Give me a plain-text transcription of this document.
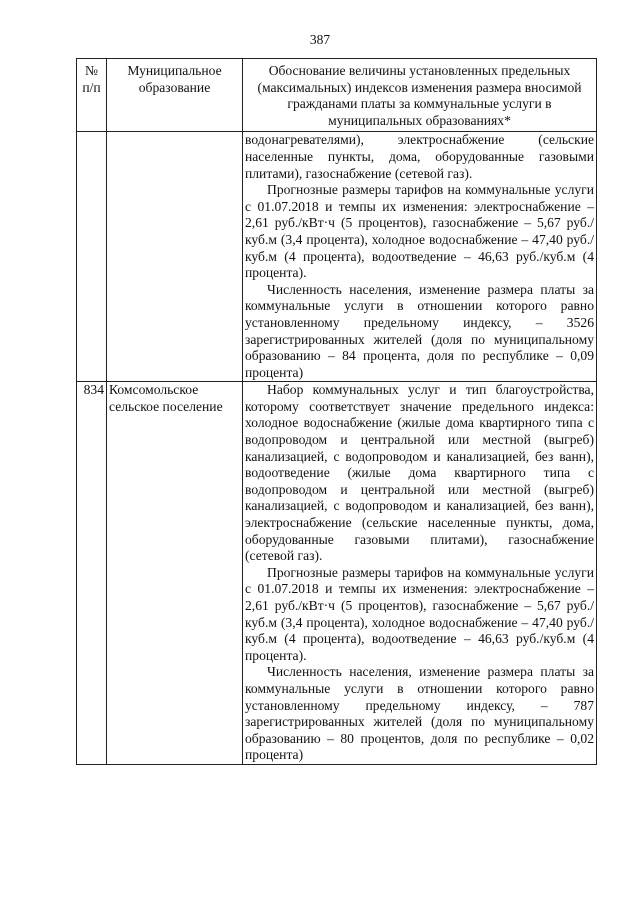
387
№ п/п	Муниципальное образование	Обоснование величины установленных предельных (максимальных) индексов изменения размера вносимой гражданами платы за коммунальные услуги в муниципальных образованиях*

		водонагревателями), электроснабжение (сельские населенные пункты, дома, оборудованные газовыми плитами), газоснабжение (сетевой газ).
Прогнозные размеры тарифов на коммунальные услуги с 01.07.2018 и темпы их изменения: электроснабжение – 2,61 руб./кВт·ч (5 процентов), газоснабжение – 5,67 руб./куб.м (3,4 процента), холодное водоснабжение – 47,40 руб./куб.м (4 процента), водоотведение – 46,63 руб./куб.м (4 процента).
Численность населения, изменение размера платы за коммунальные услуги в отношении которого равно установленному предельному индексу, – 3526 зарегистрированных жителей (доля по муниципальному образованию – 84 процента, доля по республике – 0,09 процента)

834	Комсомольское сельское поселение	Набор коммунальных услуг и тип благоустройства, которому соответствует значение предельного индекса: холодное водоснабжение (жилые дома квартирного типа с водопроводом и центральной или местной (выгреб) канализацией, с водопроводом и канализацией, без ванн), водоотведение (жилые дома квартирного типа с водопроводом и центральной или местной (выгреб) канализацией, с водопроводом и канализацией, без ванн), электроснабжение (сельские населенные пункты, дома, оборудованные газовыми плитами), газоснабжение (сетевой газ).
Прогнозные размеры тарифов на коммунальные услуги с 01.07.2018 и темпы их изменения: электроснабжение – 2,61 руб./кВт·ч (5 процентов), газоснабжение – 5,67 руб./куб.м (3,4 процента), холодное водоснабжение – 47,40 руб./куб.м (4 процента), водоотведение – 46,63 руб./куб.м (4 процента).
Численность населения, изменение размера платы за коммунальные услуги в отношении которого равно установленному предельному индексу, – 787 зарегистрированных жителей (доля по муниципальному образованию – 80 процентов, доля по республике – 0,02 процента)
